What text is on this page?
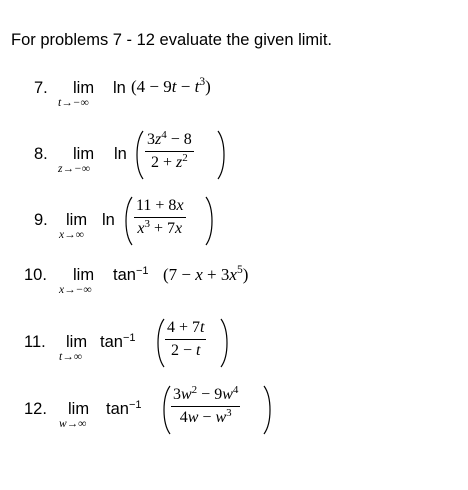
For problems 7 - 12 evaluate the given limit.
7. lim
t→−∞
$\ln (4 - 9t - t^3)$
8. lim
z→−∞
ln
$3z^4 - 8$
$2 + z^2$
9. lim
x→∞
ln
11 + 8x
$x^3 + 7x$
10. lim
x→−∞
$\tan^{-1} (7 - x + 3x^5)$
11. lim
t→∞
$\tan^{-1}$
4 + 7t
2 − t
12. lim
w→∞
$\tan^{-1}$
$3w^2 - 9w^4$
$4w - w^3$
